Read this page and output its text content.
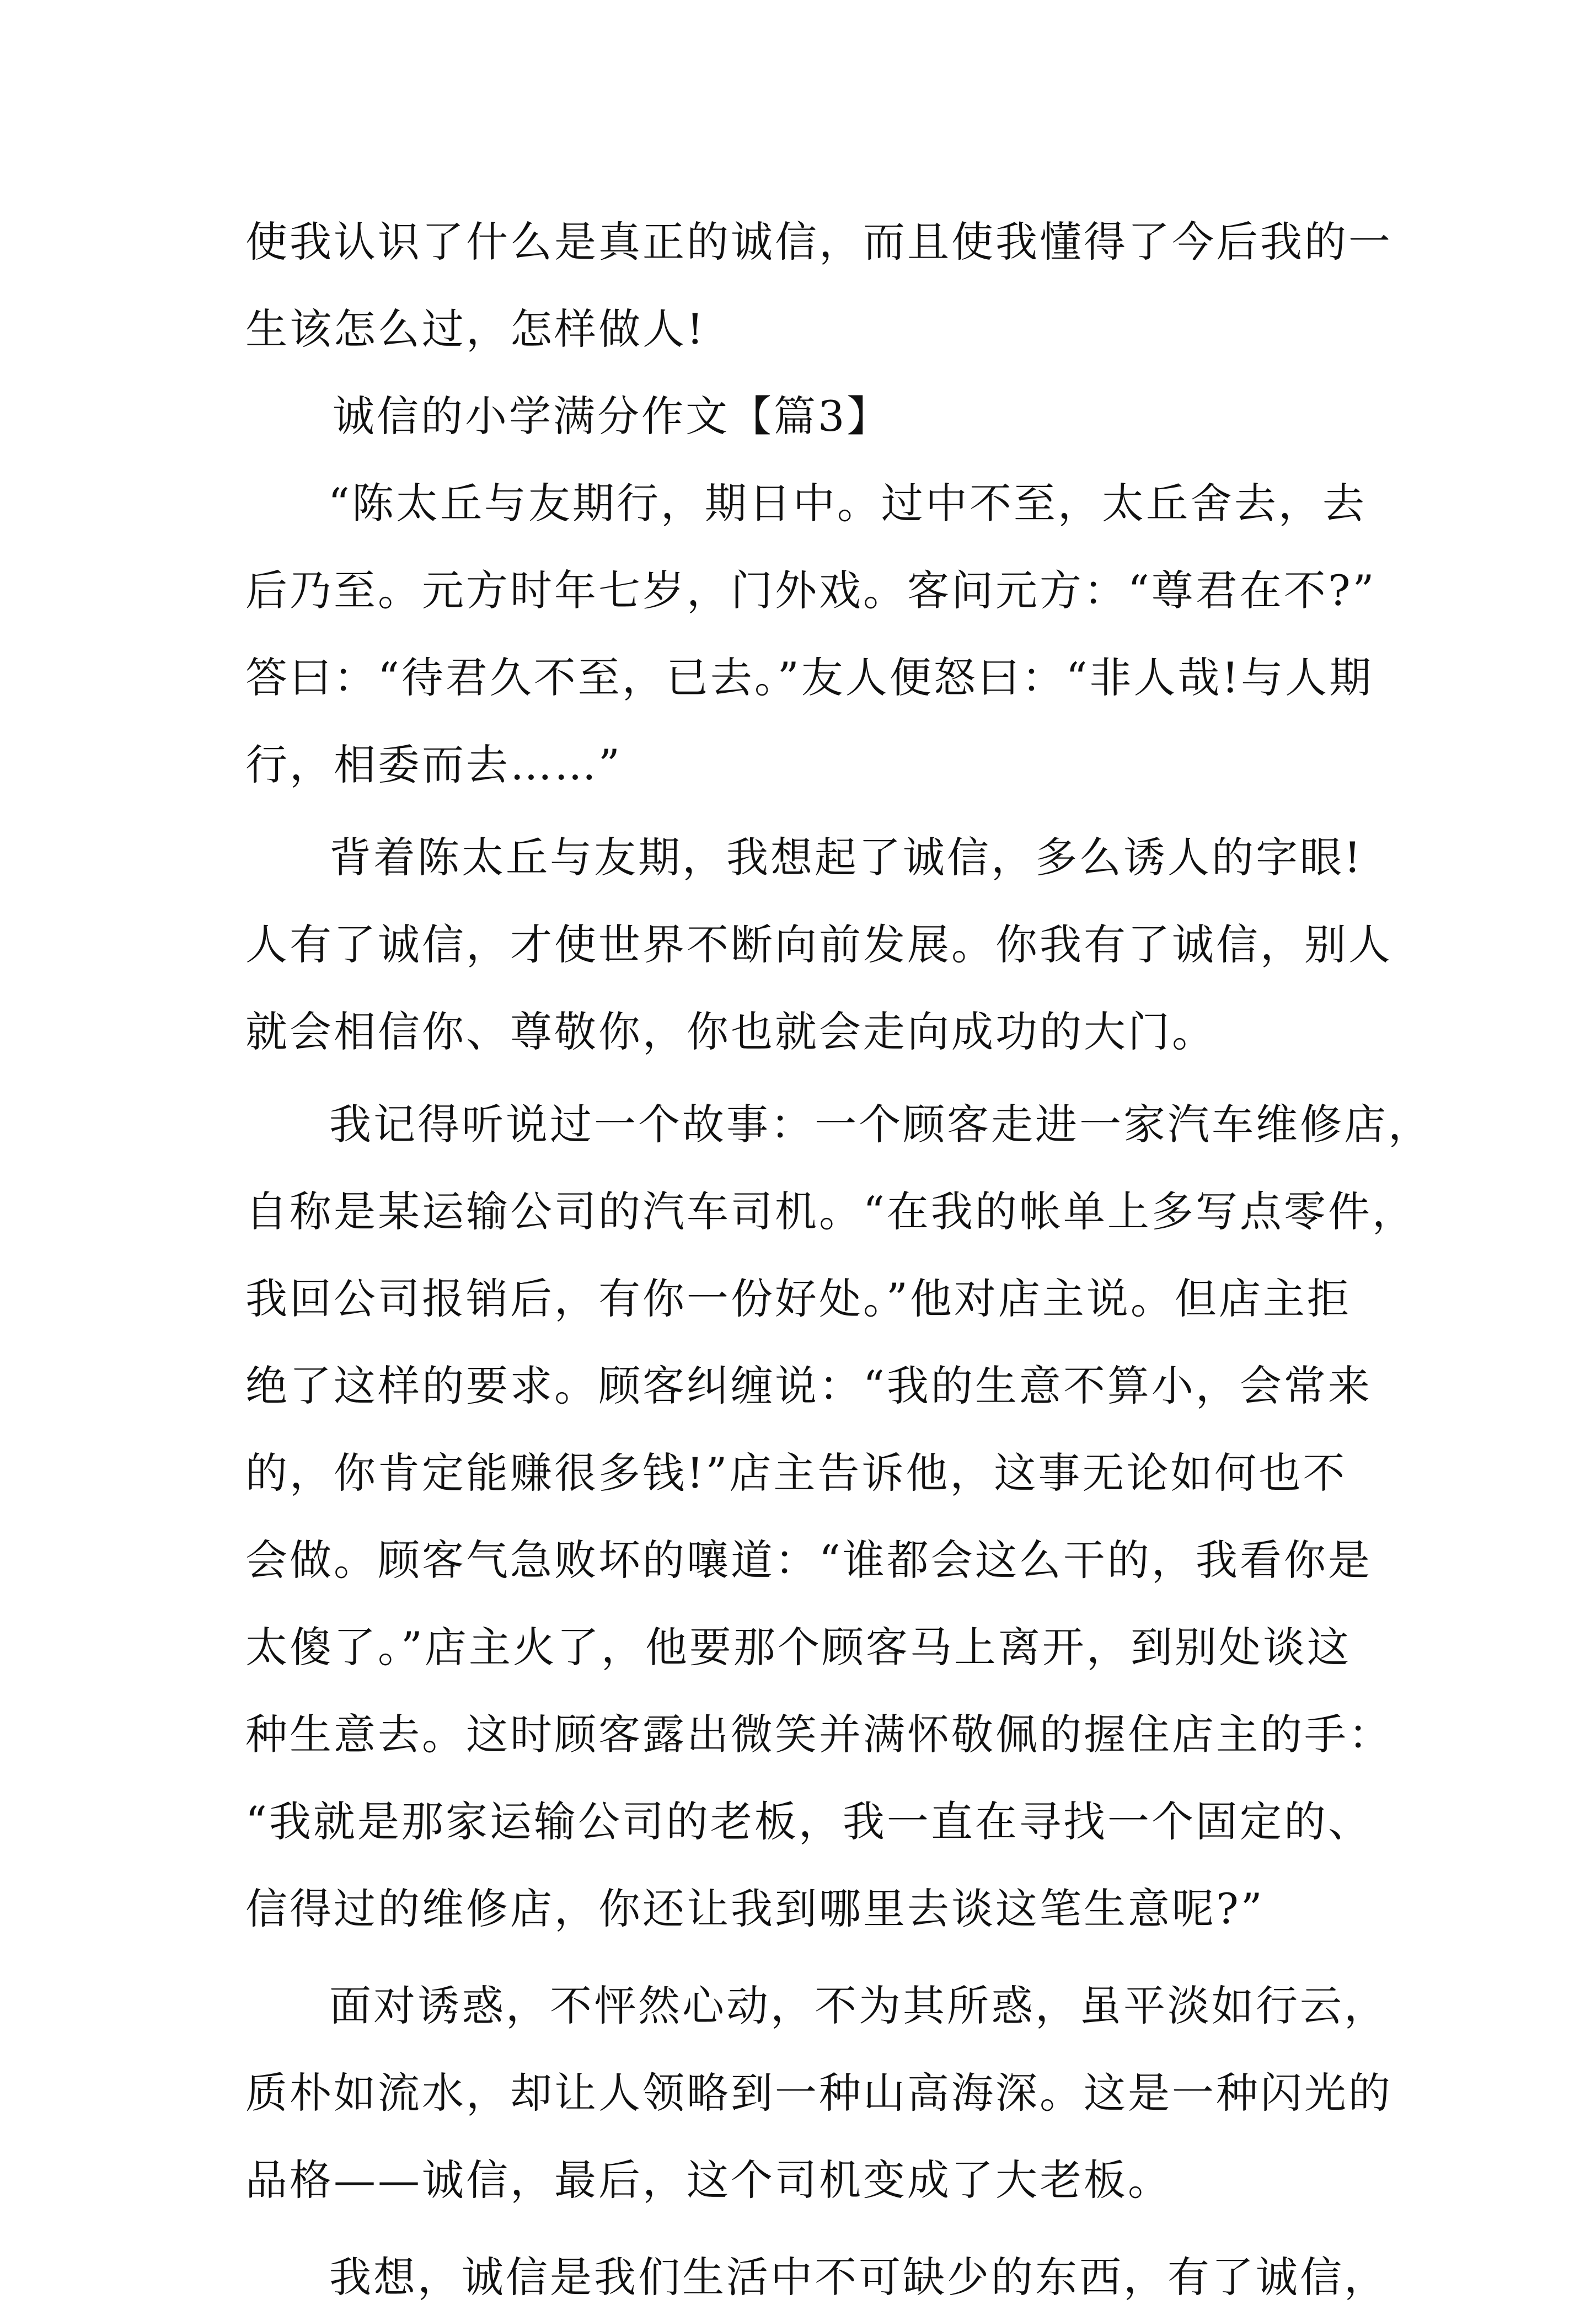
使我认识了什么是真正的诚信，而且使我懂得了今后我的一
生该怎么过，怎样做人!
诚信的小学满分作文【篇3】
“陈太丘与友期行，期日中。过中不至，太丘舍去，去
后乃至。元方时年七岁，门外戏。客问元方：“尊君在不?”
答曰：“待君久不至，已去。”友人便怒曰：“非人哉!与人期
行，相委而去……”
背着陈太丘与友期，我想起了诚信，多么诱人的字眼!
人有了诚信，才使世界不断向前发展。你我有了诚信，别人
就会相信你、尊敬你，你也就会走向成功的大门。
我记得听说过一个故事：一个顾客走进一家汽车维修店，
自称是某运输公司的汽车司机。“在我的帐单上多写点零件，
我回公司报销后，有你一份好处。”他对店主说。但店主拒
绝了这样的要求。顾客纠缠说：“我的生意不算小，会常来
的，你肯定能赚很多钱!”店主告诉他，这事无论如何也不
会做。顾客气急败坏的嚷道：“谁都会这么干的，我看你是
太傻了。”店主火了，他要那个顾客马上离开，到别处谈这
种生意去。这时顾客露出微笑并满怀敬佩的握住店主的手：
“我就是那家运输公司的老板，我一直在寻找一个固定的、
信得过的维修店，你还让我到哪里去谈这笔生意呢?”
面对诱惑，不怦然心动，不为其所惑，虽平淡如行云，
质朴如流水，却让人领略到一种山高海深。这是一种闪光的
品格——诚信，最后，这个司机变成了大老板。
我想，诚信是我们生活中不可缺少的东西，有了诚信，
